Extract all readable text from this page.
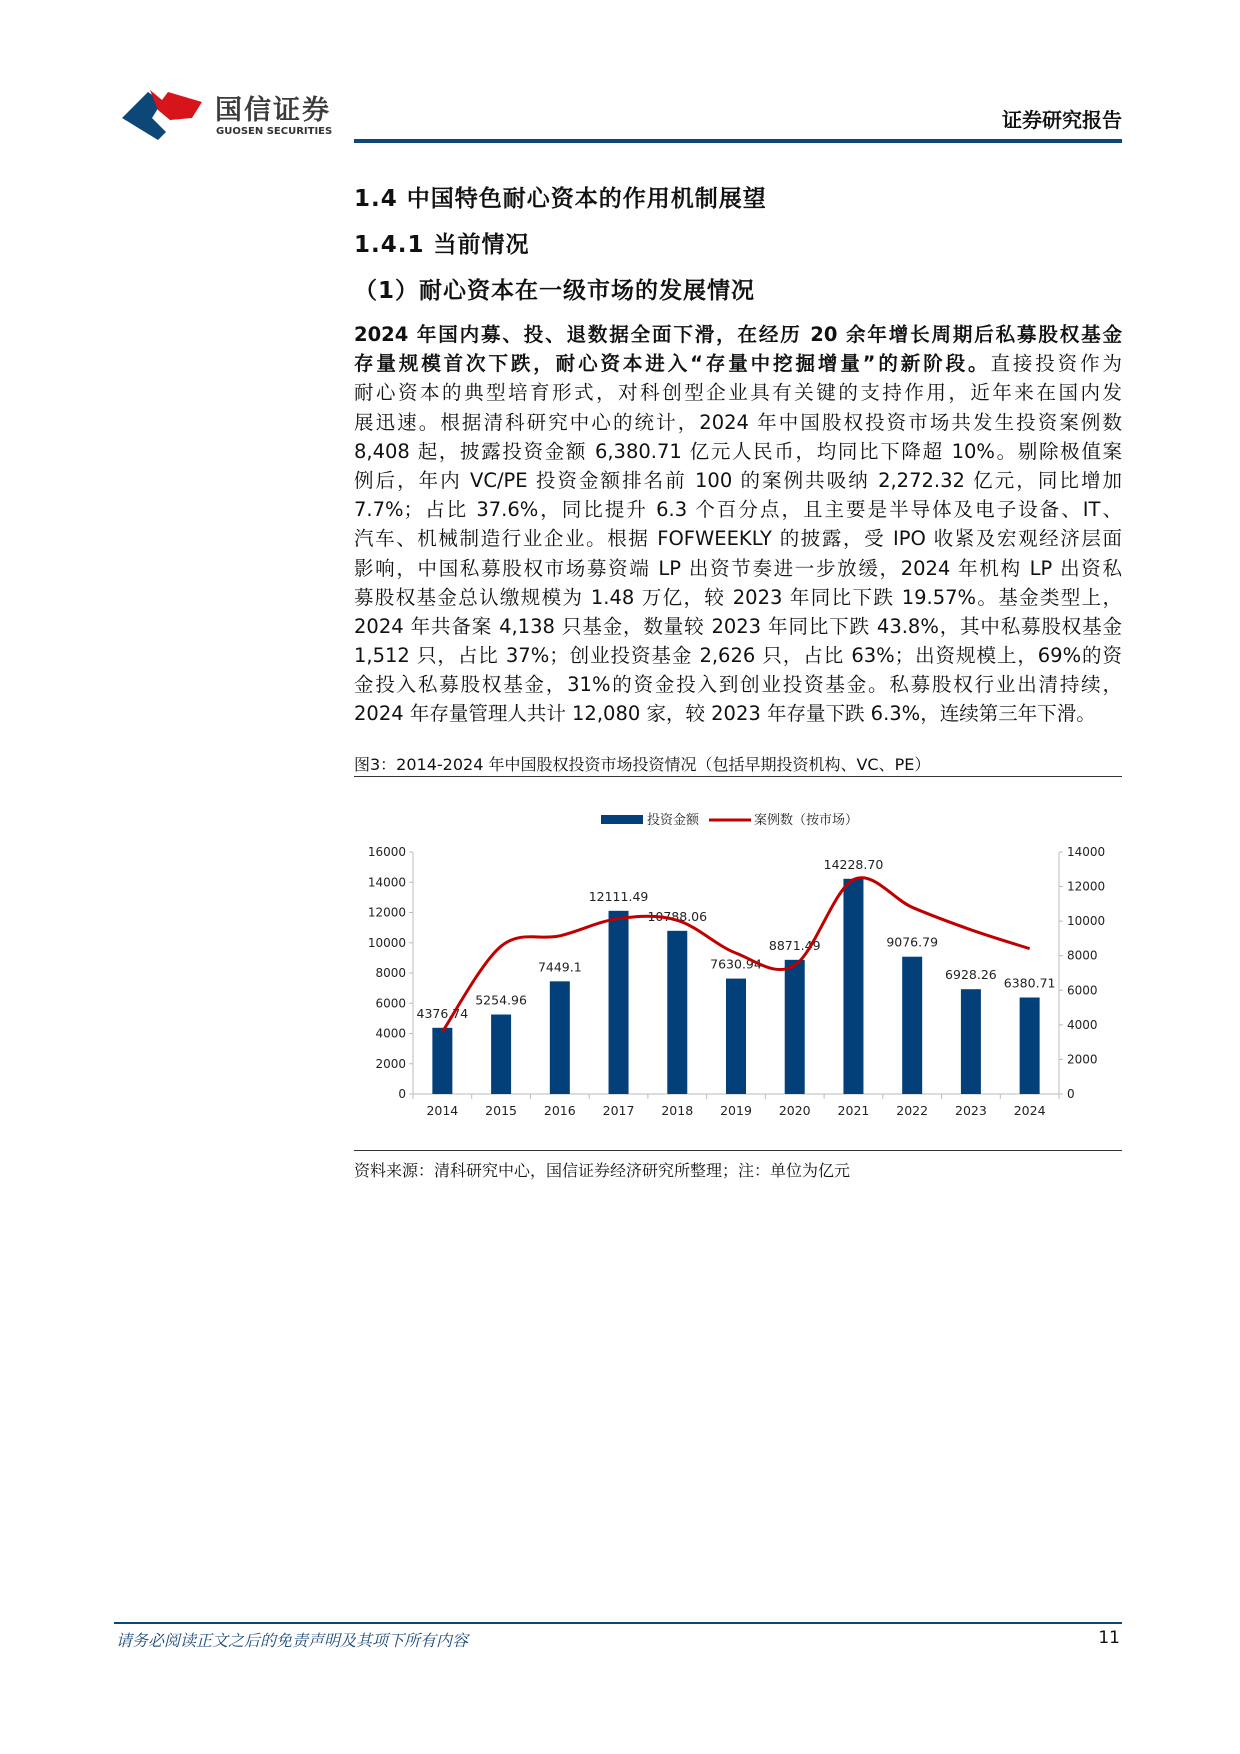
国信证券
GUOSEN SECURITIES	证券研究报告
1.4 中国特色耐心资本的作用机制展望
1.4.1 当前情况
（1）耐心资本在一级市场的发展情况
2024 年国内募、投、退数据全面下滑，在经历 20 余年增长周期后私募股权基金
存量规模首次下跌，耐心资本进入“存量中挖掘增量”的新阶段。直接投资作为
耐心资本的典型培育形式，对科创型企业具有关键的支持作用，近年来在国内发
展迅速。根据清科研究中心的统计，2024 年中国股权投资市场共发生投资案例数
8,408 起，披露投资金额 6,380.71 亿元人民币，均同比下降超 10%。剔除极值案
例后，年内 VC/PE 投资金额排名前 100 的案例共吸纳 2,272.32 亿元，同比增加
7.7%；占比 37.6%，同比提升 6.3 个百分点，且主要是半导体及电子设备、IT、
汽车、机械制造行业企业。根据 FOFWEEKLY 的披露，受 IPO 收紧及宏观经济层面
影响，中国私募股权市场募资端 LP 出资节奏进一步放缓，2024 年机构 LP 出资私
募股权基金总认缴规模为 1.48 万亿，较 2023 年同比下跌 19.57%。基金类型上，
2024 年共备案 4,138 只基金，数量较 2023 年同比下跌 43.8%，其中私募股权基金
1,512 只，占比 37%；创业投资基金 2,626 只，占比 63%；出资规模上，69%的资
金投入私募股权基金，31%的资金投入到创业投资基金。私募股权行业出清持续，
2024 年存量管理人共计 12,080 家，较 2023 年存量下跌 6.3%，连续第三年下滑。
图3：2014-2024 年中国股权投资市场投资情况（包括早期投资机构、VC、PE）
投资金额	案例数（按市场）
0
2000
4000
6000
8000
10000
12000
14000
16000
0
2000
4000
6000
8000
10000
12000
14000
4376.74
2014
5254.96
2015
7449.1
2016
12111.49
2017
10788.06
2018
7630.94
2019
8871.49
2020
14228.70
2021
9076.79
2022
6928.26
2023
6380.71
2024
资料来源：清科研究中心，国信证券经济研究所整理；注：单位为亿元
请务必阅读正文之后的免责声明及其项下所有内容	11
